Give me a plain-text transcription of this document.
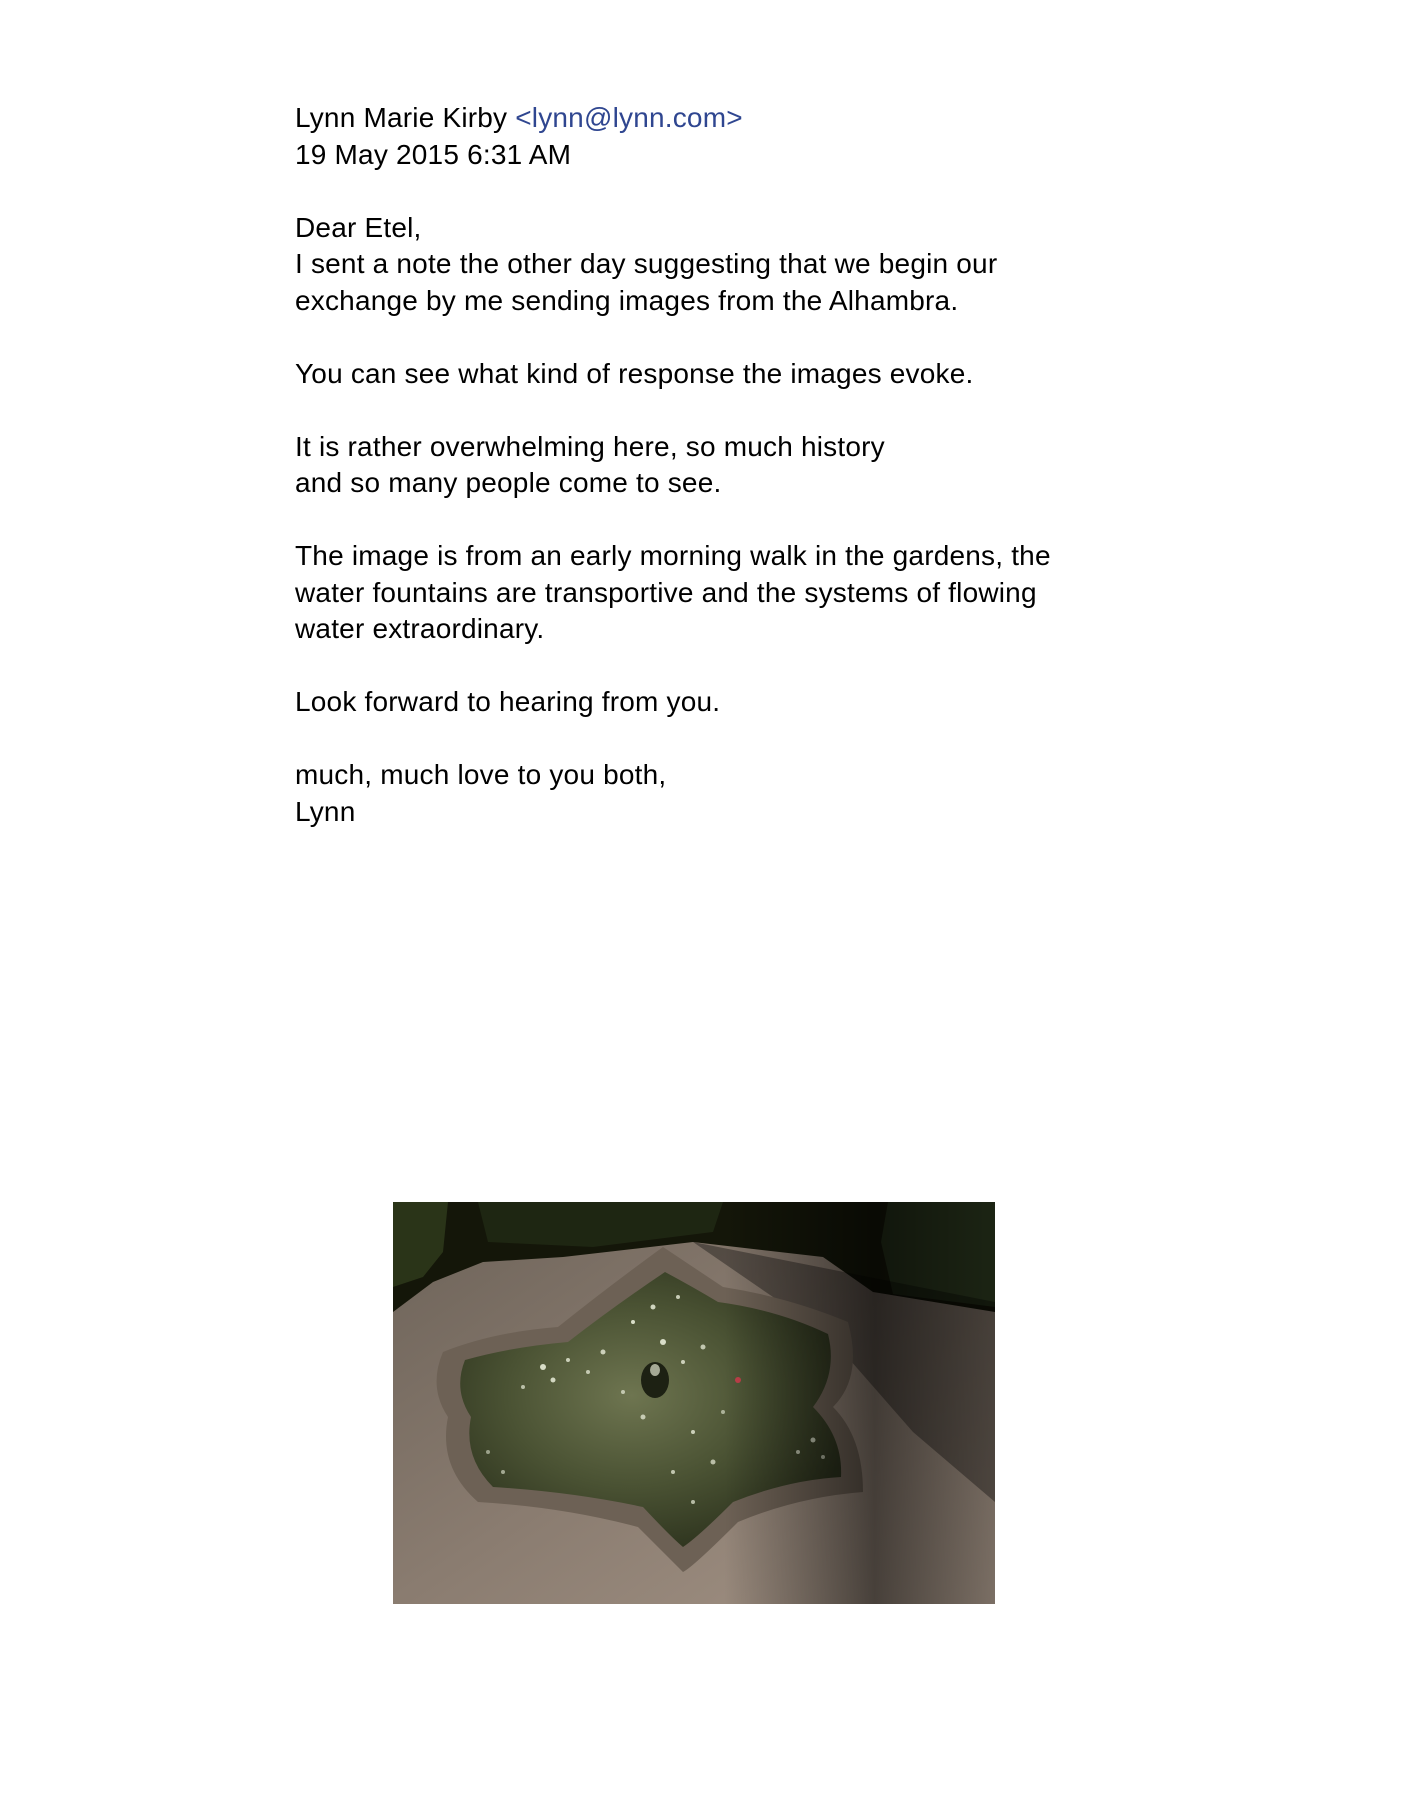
Lynn Marie Kirby <lynn@lynn.com>
19 May 2015 6:31 AM
Dear Etel,
I sent a note the other day suggesting that we begin our
exchange by me sending images from the Alhambra.
You can see what kind of response the images evoke.
It is rather overwhelming here, so much history
and so many people come to see.
The image is from an early morning walk in the gardens, the
water fountains are transportive and the systems of flowing
water extraordinary.
Look forward to hearing from you.
much, much love to you both,
Lynn
